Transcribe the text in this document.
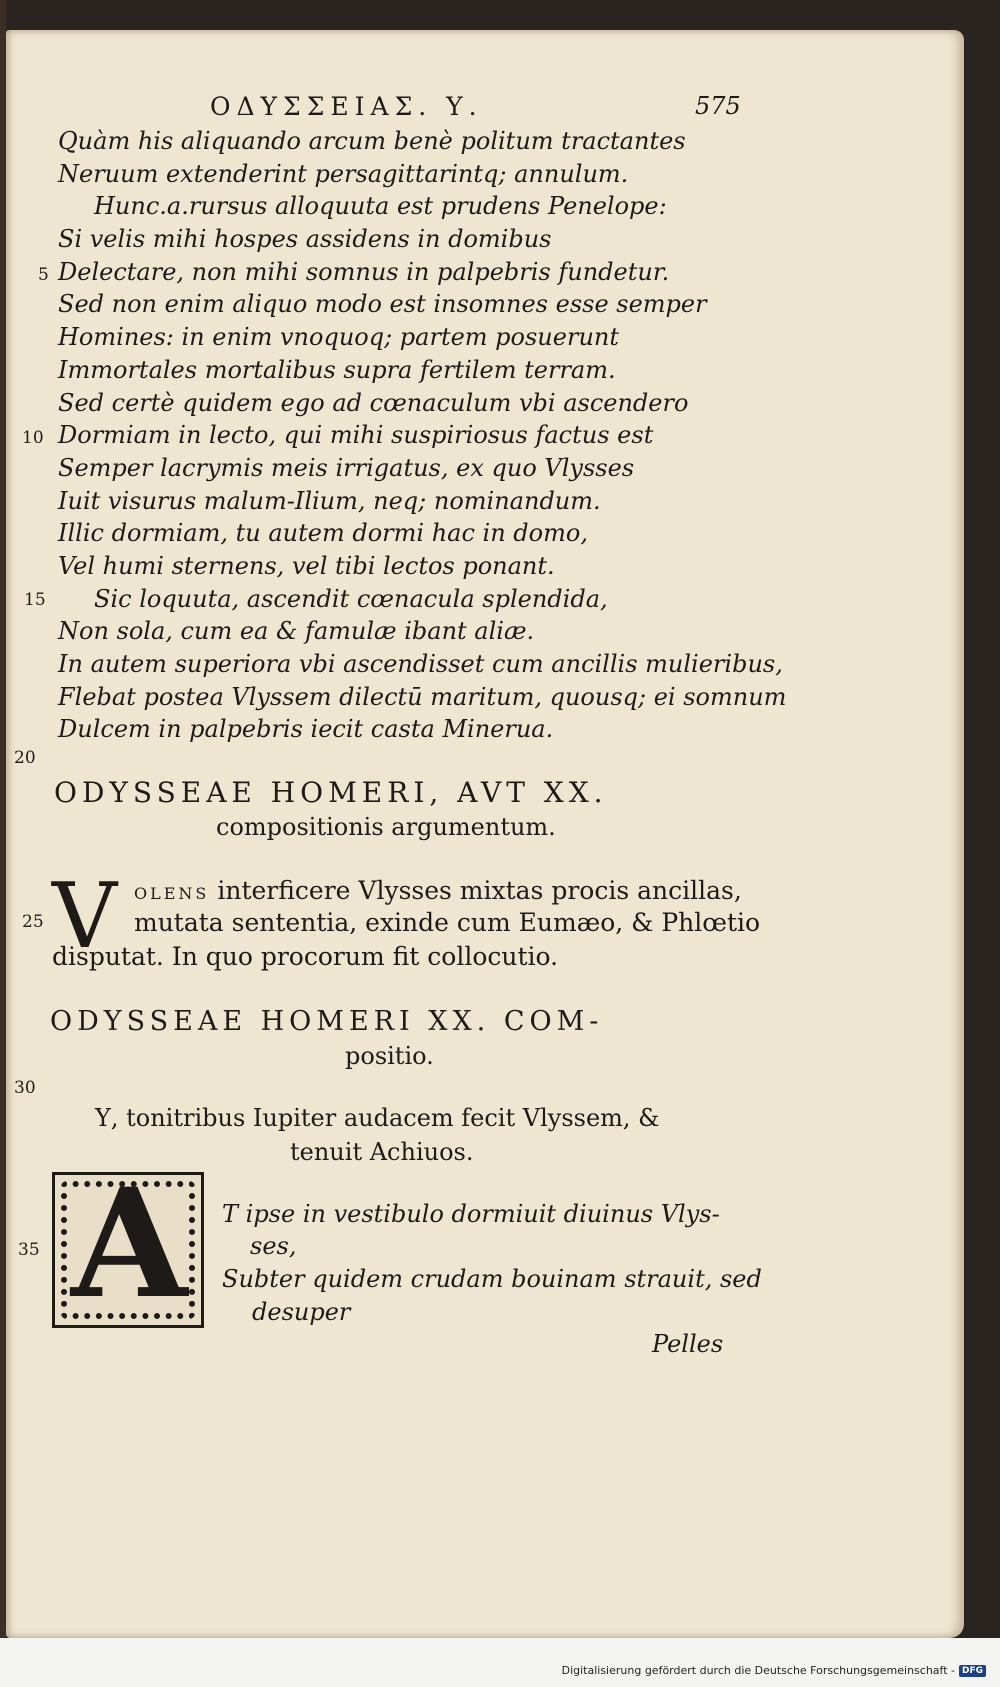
ΟΔΥΣΣΕΙΑΣ. Υ.	575
Quàm his aliquando arcum benè politum tractantes
Neruum extenderint persagittarintq; annulum.
Hunc.a.rursus alloquuta est prudens Penelope:
Si velis mihi hospes assidens in domibus
Delectare, non mihi somnus in palpebris fundetur.
Sed non enim aliquo modo est insomnes esse semper
Homines: in enim vnoquoq; partem posuerunt
Immortales mortalibus supra fertilem terram.
Sed certè quidem ego ad cœnaculum vbi ascendero
Dormiam in lecto, qui mihi suspiriosus factus est
Semper lacrymis meis irrigatus, ex quo Vlysses
Iuit visurus malum-Ilium, neq; nominandum.
Illic dormiam, tu autem dormi hac in domo,
Vel humi sternens, vel tibi lectos ponant.
Sic loquuta, ascendit cœnacula splendida,
Non sola, cum ea & famulæ ibant aliæ.
In autem superiora vbi ascendisset cum ancillis mulieribus,
Flebat postea Vlyssem dilectū maritum, quousq; ei somnum
Dulcem in palpebris iecit casta Minerua.
5
10
15
20
25
30
35
ODYSSEAE HOMERI, AVT XX.
compositionis argumentum.
V OLENS interficere Vlysses mixtas procis ancillas,
mutata sententia, exinde cum Eumæo, & Phlœtio
disputat. In quo procorum fit collocutio.
ODYSSEAE HOMERI XX. COM-
positio.
Υ, tonitribus Iupiter audacem fecit Vlyssem, &
tenuit Achiuos.
A T ipse in vestibulo dormiuit diuinus Vlys-
ses,
Subter quidem crudam bouinam strauit, sed
desuper
Pelles
Digitalisierung gefördert durch die Deutsche Forschungsgemeinschaft - DFG
